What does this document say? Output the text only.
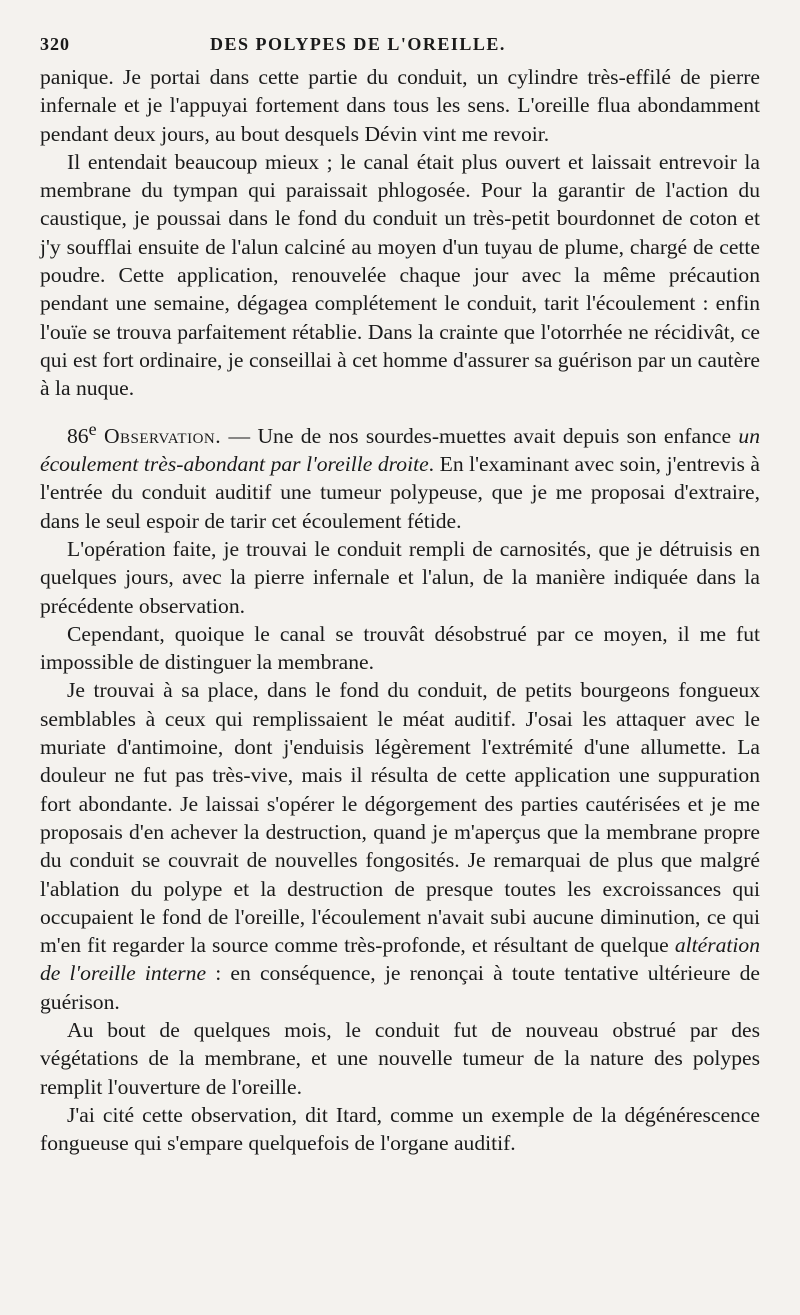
320	DES POLYPES DE L'OREILLE.

panique. Je portai dans cette partie du conduit, un cylindre très-effilé de pierre infernale et je l'appuyai fortement dans tous les sens. L'oreille flua abondamment pendant deux jours, au bout desquels Dévin vint me revoir.

Il entendait beaucoup mieux ; le canal était plus ouvert et laissait entrevoir la membrane du tympan qui paraissait phlogosée. Pour la garantir de l'action du caustique, je poussai dans le fond du conduit un très-petit bourdonnet de coton et j'y soufflai ensuite de l'alun calciné au moyen d'un tuyau de plume, chargé de cette poudre. Cette application, renouvelée chaque jour avec la même précaution pendant une semaine, dégagea complétement le conduit, tarit l'écoulement : enfin l'ouïe se trouva parfaitement rétablie. Dans la crainte que l'otorrhée ne récidivât, ce qui est fort ordinaire, je conseillai à cet homme d'assurer sa guérison par un cautère à la nuque.

86e Observation. — Une de nos sourdes-muettes avait depuis son enfance un écoulement très-abondant par l'oreille droite. En l'examinant avec soin, j'entrevis à l'entrée du conduit auditif une tumeur polypeuse, que je me proposai d'extraire, dans le seul espoir de tarir cet écoulement fétide.

L'opération faite, je trouvai le conduit rempli de carnosités, que je détruisis en quelques jours, avec la pierre infernale et l'alun, de la manière indiquée dans la précédente observation.

Cependant, quoique le canal se trouvât désobstrué par ce moyen, il me fut impossible de distinguer la membrane.

Je trouvai à sa place, dans le fond du conduit, de petits bourgeons fongueux semblables à ceux qui remplissaient le méat auditif. J'osai les attaquer avec le muriate d'antimoine, dont j'enduisis légèrement l'extrémité d'une allumette. La douleur ne fut pas très-vive, mais il résulta de cette application une suppuration fort abondante. Je laissai s'opérer le dégorgement des parties cautérisées et je me proposais d'en achever la destruction, quand je m'aperçus que la membrane propre du conduit se couvrait de nouvelles fongosités. Je remarquai de plus que malgré l'ablation du polype et la destruction de presque toutes les excroissances qui occupaient le fond de l'oreille, l'écoulement n'avait subi aucune diminution, ce qui m'en fit regarder la source comme très-profonde, et résultant de quelque altération de l'oreille interne : en conséquence, je renonçai à toute tentative ultérieure de guérison.

Au bout de quelques mois, le conduit fut de nouveau obstrué par des végétations de la membrane, et une nouvelle tumeur de la nature des polypes remplit l'ouverture de l'oreille.

J'ai cité cette observation, dit Itard, comme un exemple de la dégénérescence fongueuse qui s'empare quelquefois de l'organe auditif.
